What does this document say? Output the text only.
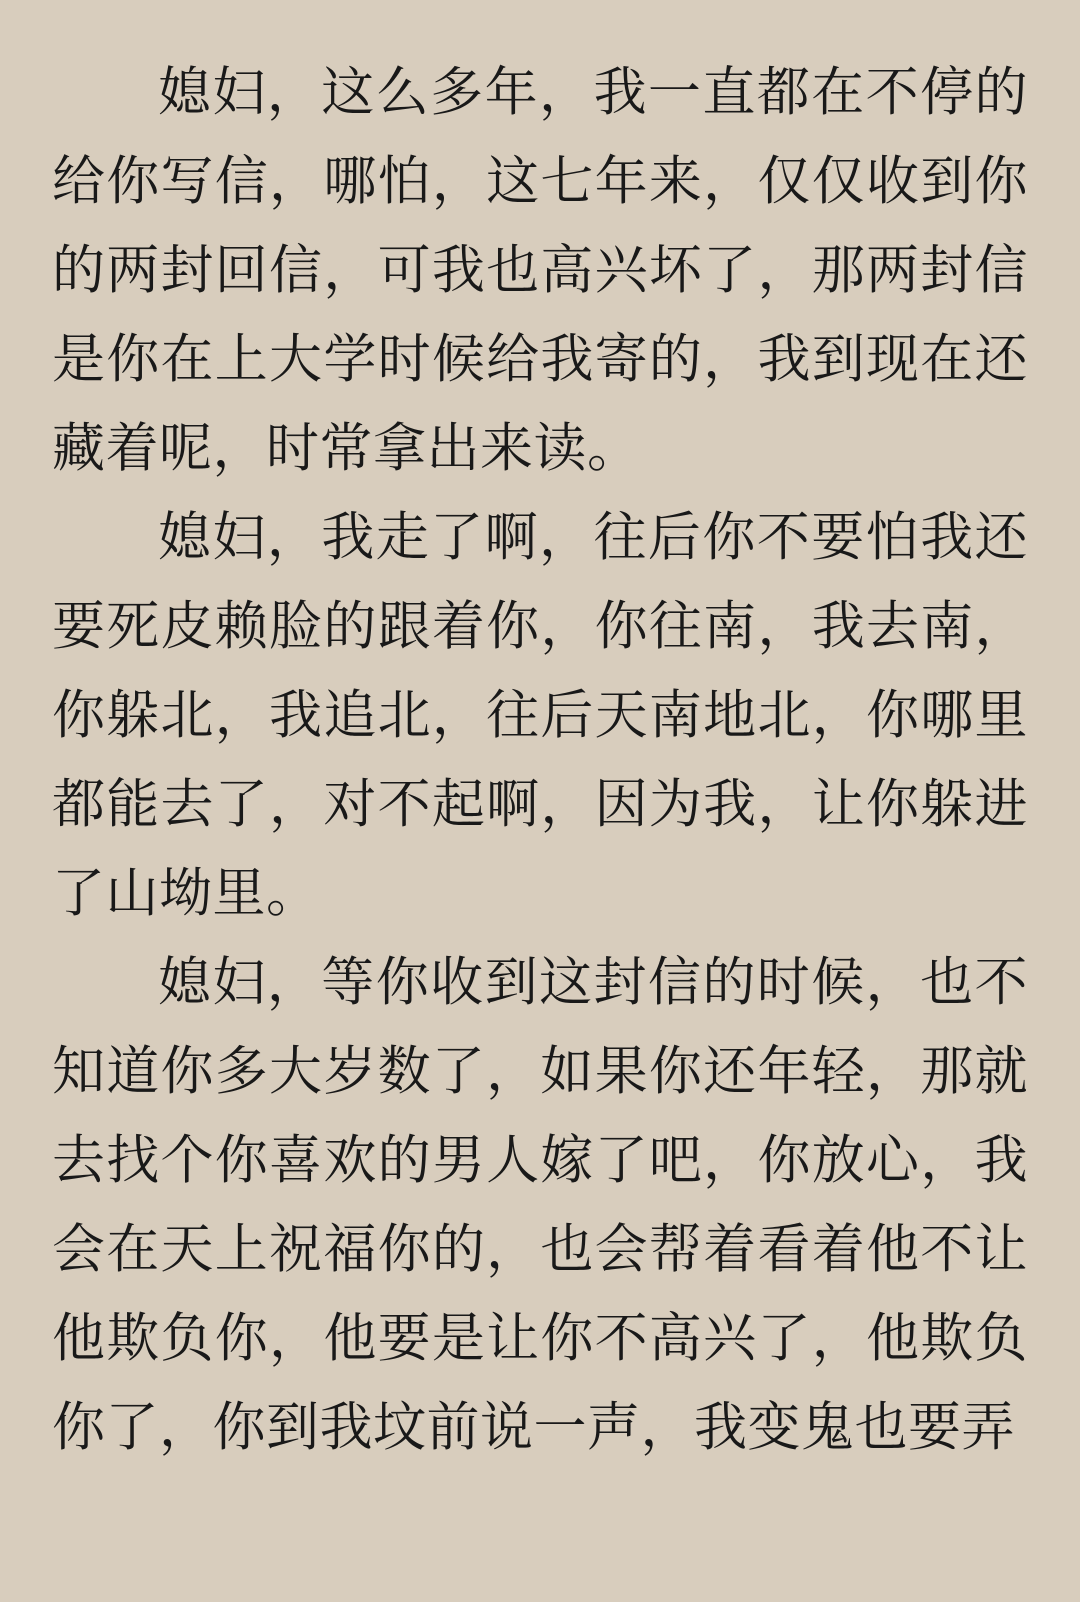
媳妇，这么多年，我一直都在不停的给你写信，哪怕，这七年来，仅仅收到你的两封回信，可我也高兴坏了，那两封信是你在上大学时候给我寄的，我到现在还藏着呢，时常拿出来读。

媳妇，我走了啊，往后你不要怕我还要死皮赖脸的跟着你，你往南，我去南，你躲北，我追北，往后天南地北，你哪里都能去了，对不起啊，因为我，让你躲进了山坳里。

媳妇，等你收到这封信的时候，也不知道你多大岁数了，如果你还年轻，那就去找个你喜欢的男人嫁了吧，你放心，我会在天上祝福你的，也会帮着看着他不让他欺负你，他要是让你不高兴了，他欺负你了，你到我坟前说一声，我变鬼也要弄
